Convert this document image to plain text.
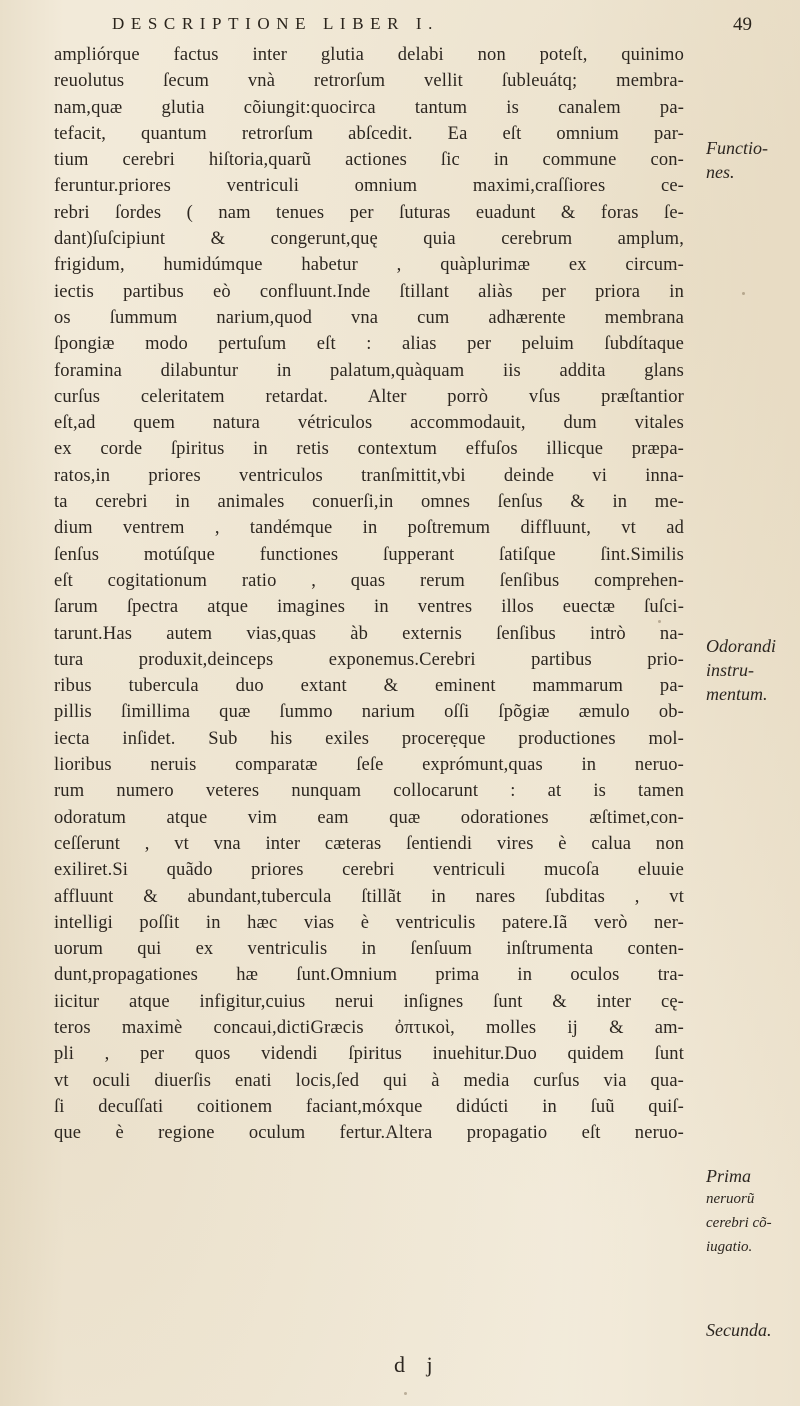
DESCRIPTIONE LIBER I.	49
ampliórque factus inter glutia delabi non poteſt, quinimo
reuolutus ſecum vnà retrorſum vellit ſubleuátq; membra-
nam,quæ glutia cõiungit:quocirca tantum is canalem pa-
tefacit, quantum retrorſum abſcedit. Ea eſt omnium par-
tium cerebri hiſtoria,quarũ actiones ſic in commune con-
feruntur.priores ventriculi omnium maximi,craſſiores ce-
rebri ſordes ( nam tenues per ſuturas euadunt & foras ſe-
dant)ſuſcipiunt & congerunt,quę quia cerebrum amplum,
frigidum, humidúmque habetur , quàplurimæ ex circum-
iectis partibus eò confluunt.Inde ſtillant aliàs per priora in
os ſummum narium,quod vna cum adhærente membrana
ſpongiæ modo pertuſum eſt : alias per peluim ſubdítaque
foramina dilabuntur in palatum,quàquam iis addita glans
curſus celeritatem retardat. Alter porrò vſus præſtantior
eſt,ad quem natura vétriculos accommodauit, dum vitales
ex corde ſpiritus in retis contextum effuſos illicque præpa-
ratos,in priores ventriculos tranſmittit,vbi deinde vi inna-
ta cerebri in animales conuerſi,in omnes ſenſus & in me-
dium ventrem , tandémque in poſtremum diffluunt, vt ad
ſenſus motúſque functiones ſupperant ſatiſque ſint.Similis
eſt cogitationum ratio , quas rerum ſenſibus comprehen-
ſarum ſpectra atque imagines in ventres illos euectæ ſuſci-
tarunt.Has autem vias,quas àb externis ſenſibus intrò na-
tura produxit,deinceps exponemus.Cerebri partibus prio-
ribus tubercula duo extant & eminent mammarum pa-
pillis ſimillima quæ ſummo narium oſſi ſpõgiæ æmulo ob-
iecta inſidet. Sub his exiles procerẹque productiones mol-
lioribus neruis comparatæ ſeſe exprómunt,quas in neruo-
rum numero veteres nunquam collocarunt : at is tamen
odoratum atque vim eam quæ odorationes æſtimet,con-
ceſſerunt , vt vna inter cæteras ſentiendi vires è calua non
exiliret.Si quãdo priores cerebri ventriculi mucoſa eluuie
affluunt & abundant,tubercula ſtillãt in nares ſubditas , vt
intelligi poſſit in hæc vias è ventriculis patere.Iã verò ner-
uorum qui ex ventriculis in ſenſuum inſtrumenta conten-
dunt,propagationes hæ ſunt.Omnium prima in oculos tra-
iicitur atque infigitur,cuius nerui inſignes ſunt & inter cę-
teros maximè concaui,dictiGræcis ὀπτικοὶ, molles ij & am-
pli , per quos videndi ſpiritus inuehitur.Duo quidem ſunt
vt oculi diuerſis enati locis,ſed qui à media curſus via qua-
ſi decuſſati coitionem faciant,móxque didúcti in ſuũ quiſ-
que è regione oculum fertur.Altera propagatio eſt neruo-
Functio-
nes.
Odorandi
instru-
mentum.
Prima
neruorũ
cerebri cõ-
iugatio.
Secunda.
d j
